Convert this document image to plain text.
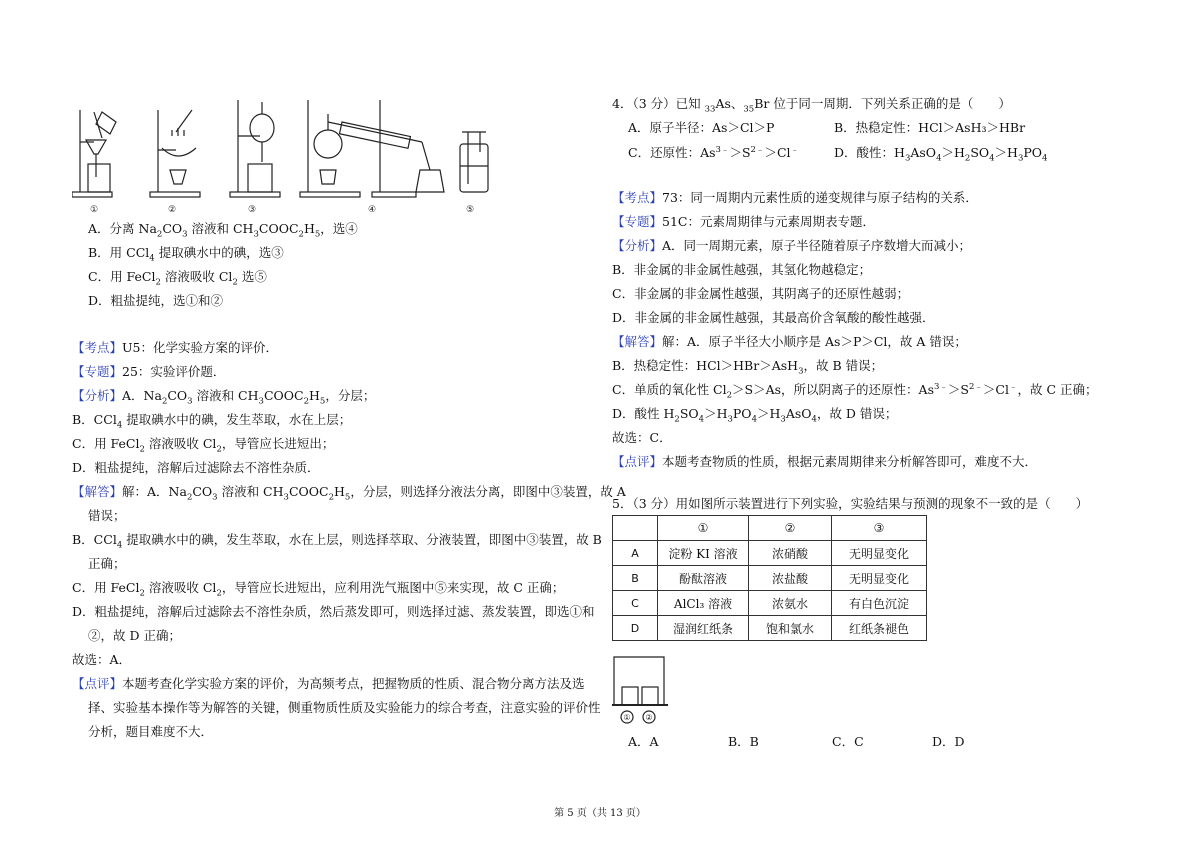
①	②	③	④	⑤
A．分离 $Na_2CO_3$ 溶液和 $CH_3COOC_2H_5$，选④
B．用 CCl$_4$ 提取碘水中的碘，选③
C．用 FeCl$_2$ 溶液吸收 $Cl_2$ 选⑤
D．粗盐提纯，选①和②
【考点】U5：化学实验方案的评价．
【专题】25：实验评价题．
【分析】A．$Na_2CO_3$ 溶液和 $CH_3COOC_2H_5$，分层；
B．CCl$_4$ 提取碘水中的碘，发生萃取，水在上层；
C．用 FeCl$_2$ 溶液吸收 $Cl_2$，导管应长进短出；
D．粗盐提纯，溶解后过滤除去不溶性杂质．
【解答】解：A．$Na_2CO_3$ 溶液和 $CH_3COOC_2H_5$，分层，则选择分液法分离，即图中③装置，故 A
错误；
B．CCl$_4$ 提取碘水中的碘，发生萃取，水在上层，则选择萃取、分液装置，即图中③装置，故 B
正确；
C．用 FeCl$_2$ 溶液吸收 $Cl_2$，导管应长进短出，应利用洗气瓶图中⑤来实现，故 C 正确；
D．粗盐提纯，溶解后过滤除去不溶性杂质，然后蒸发即可，则选择过滤、蒸发装置，即选①和
②，故 D 正确；
故选：A．
【点评】本题考查化学实验方案的评价，为高频考点，把握物质的性质、混合物分离方法及选
择、实验基本操作等为解答的关键，侧重物质性质及实验能力的综合考查，注意实验的评价性
分析，题目难度不大．
4．（3 分）已知 $_{33}$As、$_{35}$Br 位于同一周期．下列关系正确的是（　　）
A．原子半径：As＞Cl＞P	B．热稳定性：HCl＞AsH₃＞HBr
C．还原性：$As^{3﹣}>S^{2﹣}>Cl^﹣$	D．酸性：$H_3AsO_4>H_2SO_4>H_3PO_4$
【考点】73：同一周期内元素性质的递变规律与原子结构的关系．
【专题】51C：元素周期律与元素周期表专题．
【分析】A．同一周期元素，原子半径随着原子序数增大而减小；
B．非金属的非金属性越强，其氢化物越稳定；
C．非金属的非金属性越强，其阴离子的还原性越弱；
D．非金属的非金属性越强，其最高价含氧酸的酸性越强．
【解答】解：A．原子半径大小顺序是 As＞P＞Cl，故 A 错误；
B．热稳定性：HCl＞HBr＞AsH$_3$，故 B 错误；
C．单质的氧化性 $Cl_2>S>As$，所以阴离子的还原性：$As^{3﹣}>S^{2﹣}>Cl^﹣$，故 C 正确；
D．酸性 $H_2SO_4>H_3PO_4>H_3AsO_4$，故 D 错误；
故选：C．
【点评】本题考查物质的性质，根据元素周期律来分析解答即可，难度不大．
5．（3 分）用如图所示装置进行下列实验，实验结果与预测的现象不一致的是（　　）
	①	②	③
A	淀粉 KI 溶液	浓硝酸	无明显变化
B	酚酞溶液	浓盐酸	无明显变化
C	AlCl₃ 溶液	浓氨水	有白色沉淀
D	湿润红纸条	饱和氯水	红纸条褪色
① ②
A．A	B．B	C．C	D．D
第 5 页（共 13 页）
